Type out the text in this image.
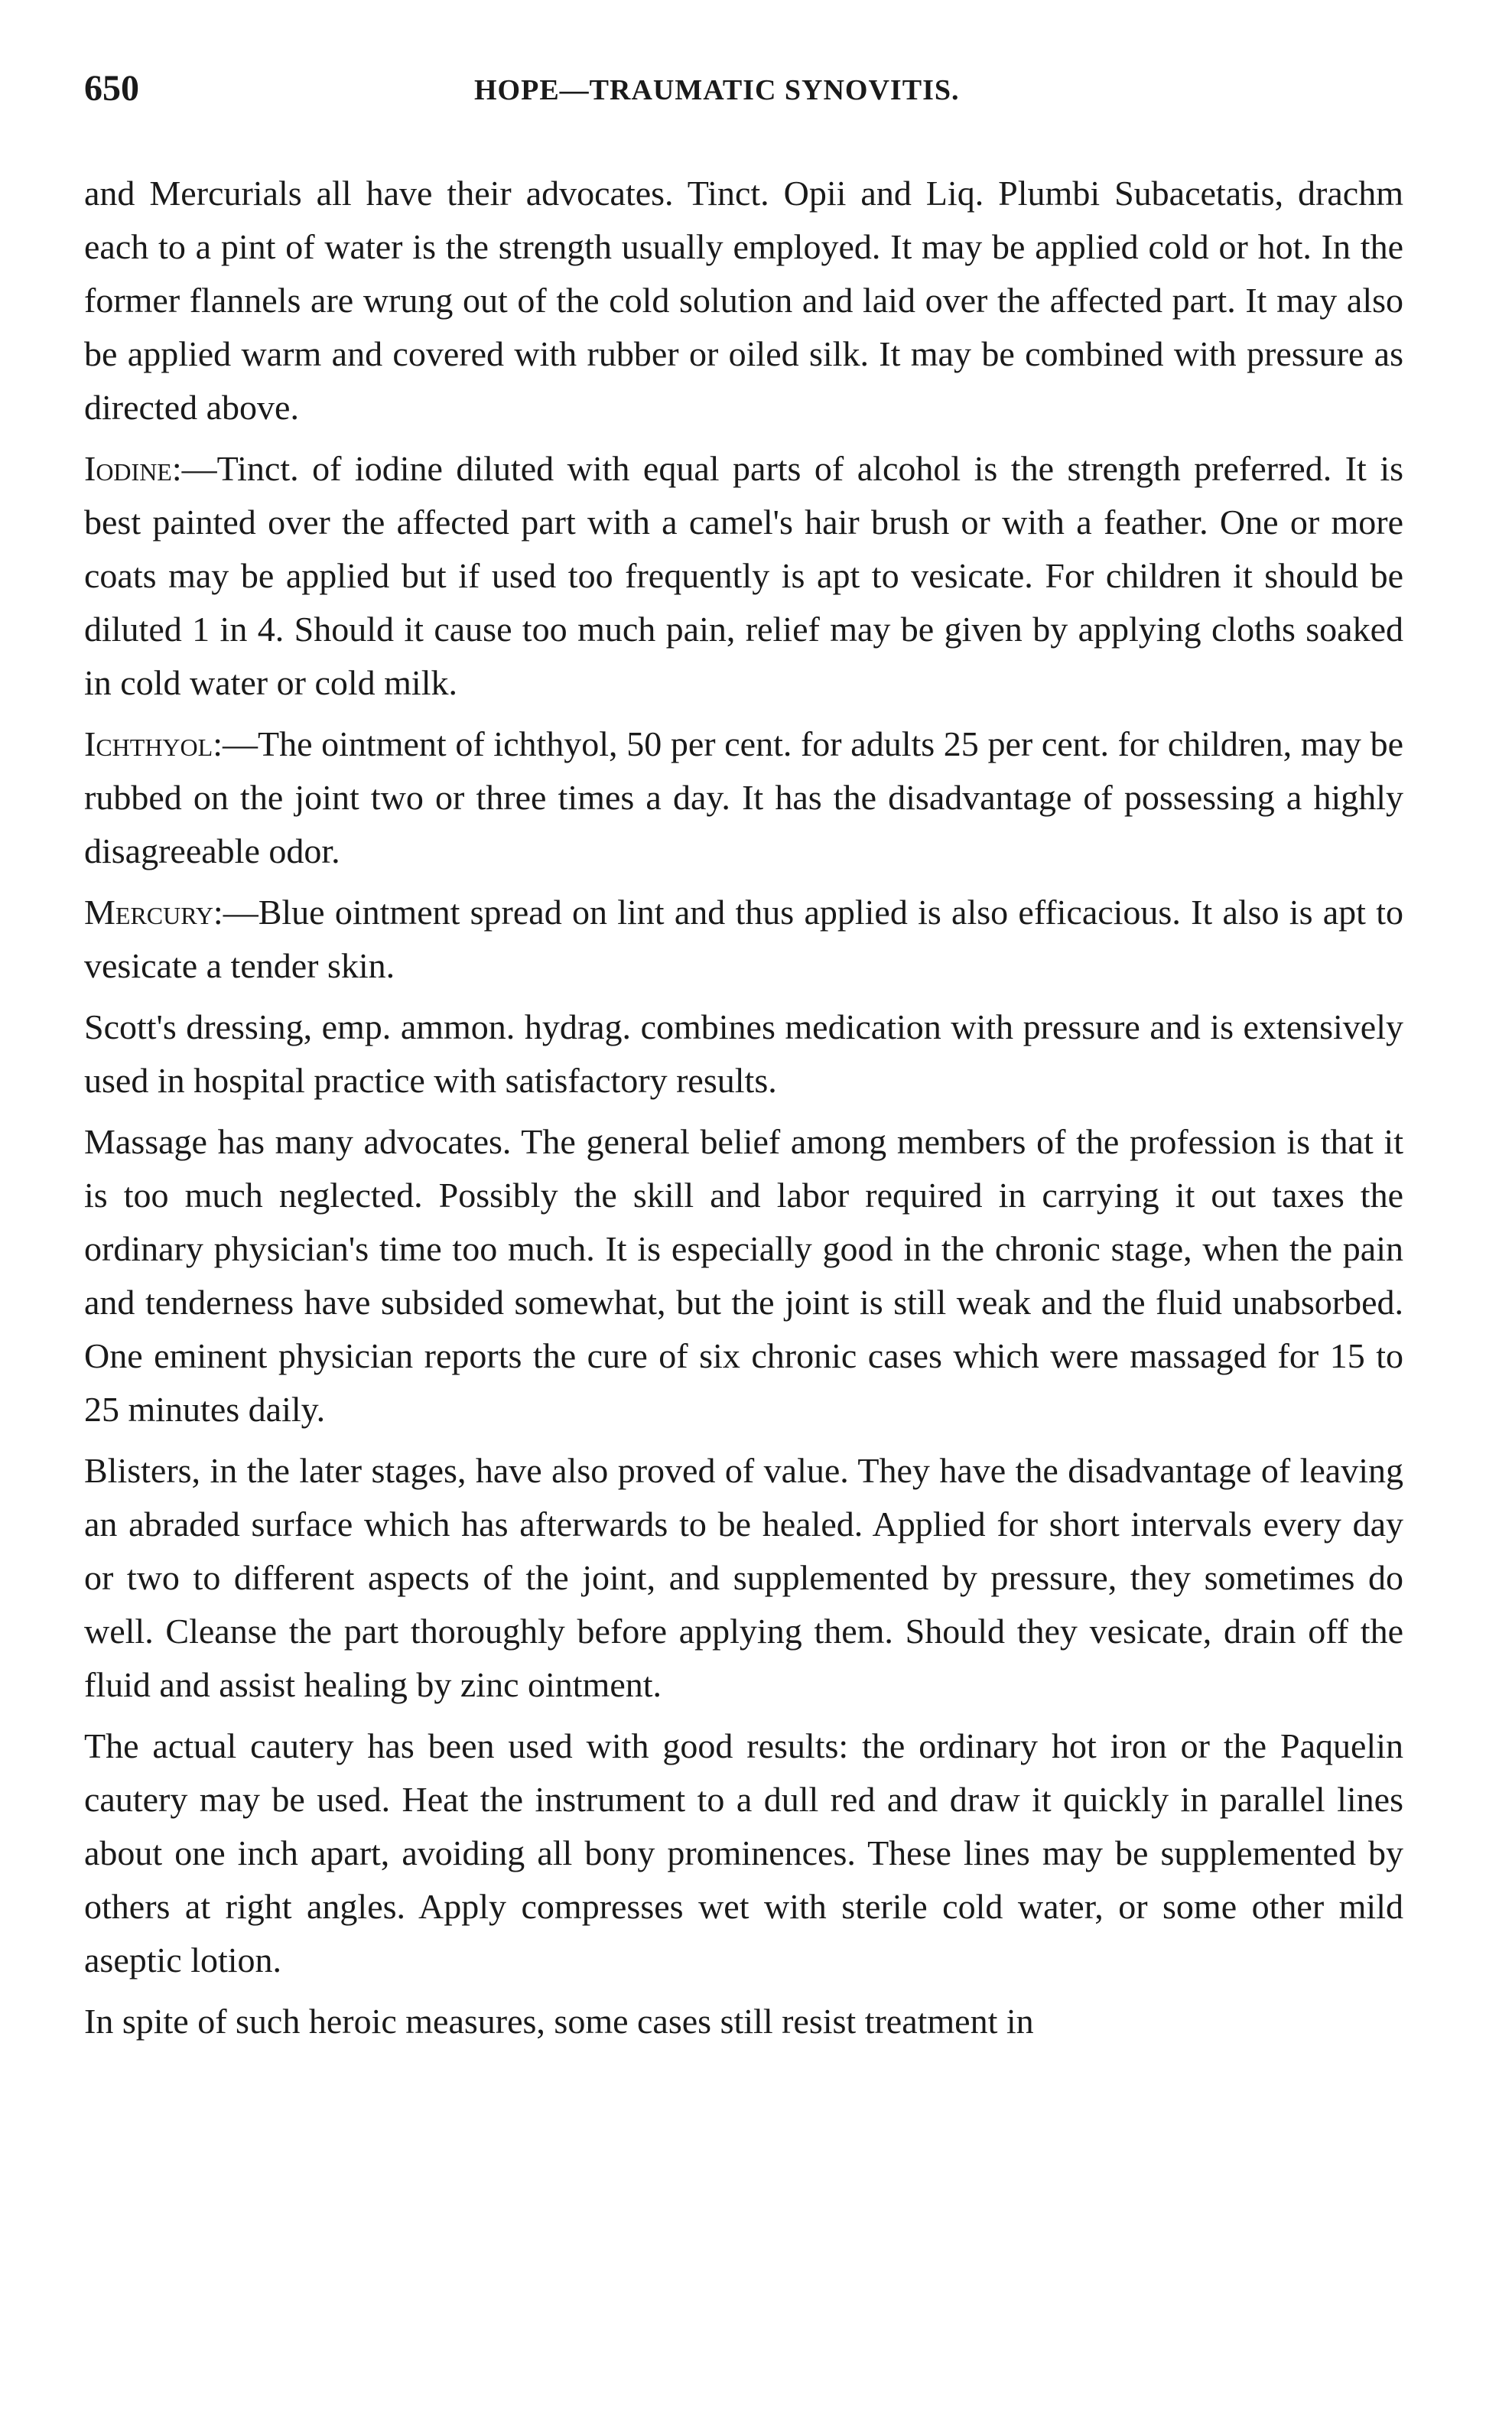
650	HOPE—TRAUMATIC SYNOVITIS.

and Mercurials all have their advocates. Tinct. Opii and Liq. Plumbi Subacetatis, drachm each to a pint of water is the strength usually employed. It may be applied cold or hot. In the former flannels are wrung out of the cold solution and laid over the affected part. It may also be applied warm and covered with rubber or oiled silk. It may be combined with pressure as directed above.

Iodine:—Tinct. of iodine diluted with equal parts of alcohol is the strength preferred. It is best painted over the affected part with a camel's hair brush or with a feather. One or more coats may be applied but if used too frequently is apt to vesicate. For children it should be diluted 1 in 4. Should it cause too much pain, relief may be given by applying cloths soaked in cold water or cold milk.

Ichthyol:—The ointment of ichthyol, 50 per cent. for adults 25 per cent. for children, may be rubbed on the joint two or three times a day. It has the disadvantage of possessing a highly disagreeable odor.

Mercury:—Blue ointment spread on lint and thus applied is also efficacious. It also is apt to vesicate a tender skin.

Scott's dressing, emp. ammon. hydrag. combines medication with pressure and is extensively used in hospital practice with satisfactory results.

Massage has many advocates. The general belief among members of the profession is that it is too much neglected. Possibly the skill and labor required in carrying it out taxes the ordinary physician's time too much. It is especially good in the chronic stage, when the pain and tenderness have subsided somewhat, but the joint is still weak and the fluid unabsorbed. One eminent physician reports the cure of six chronic cases which were massaged for 15 to 25 minutes daily.

Blisters, in the later stages, have also proved of value. They have the disadvantage of leaving an abraded surface which has afterwards to be healed. Applied for short intervals every day or two to different aspects of the joint, and supplemented by pressure, they sometimes do well. Cleanse the part thoroughly before applying them. Should they vesicate, drain off the fluid and assist healing by zinc ointment.

The actual cautery has been used with good results: the ordinary hot iron or the Paquelin cautery may be used. Heat the instrument to a dull red and draw it quickly in parallel lines about one inch apart, avoiding all bony prominences. These lines may be supplemented by others at right angles. Apply compresses wet with sterile cold water, or some other mild aseptic lotion.

In spite of such heroic measures, some cases still resist treatment in
